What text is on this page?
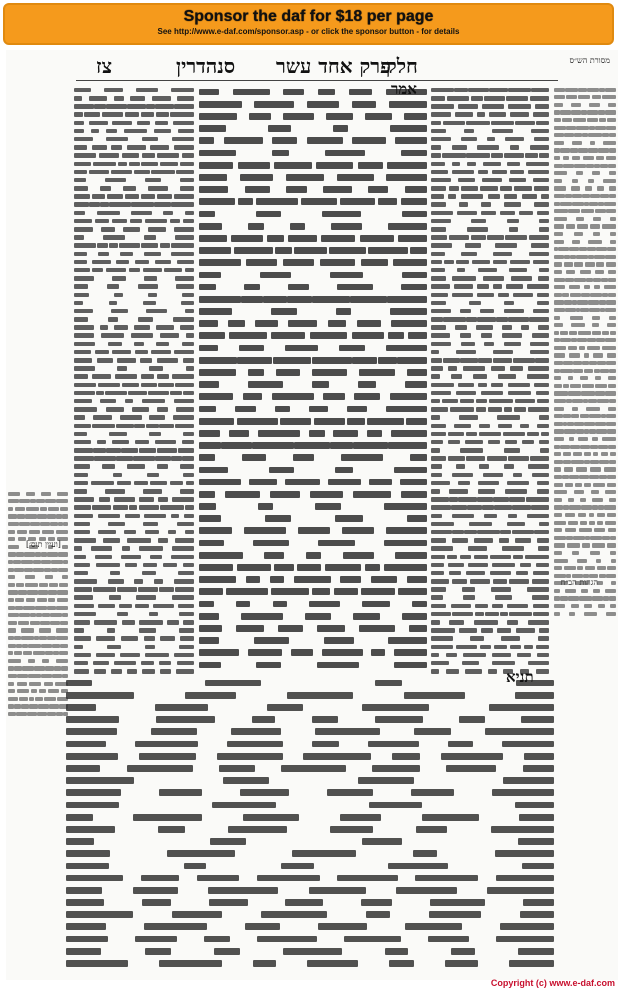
Sponsor the daf for $18 per page
See http://www.e-daf.com/sponsor.asp - or click the sponsor button - for details
צז	סנהדרין פרק אחד עשר
חלק	מסורת הש״ס
הגהות הב״ח
[ועיין תוס׳]
אמר
תניא
Copyright (c) www.e-daf.com
